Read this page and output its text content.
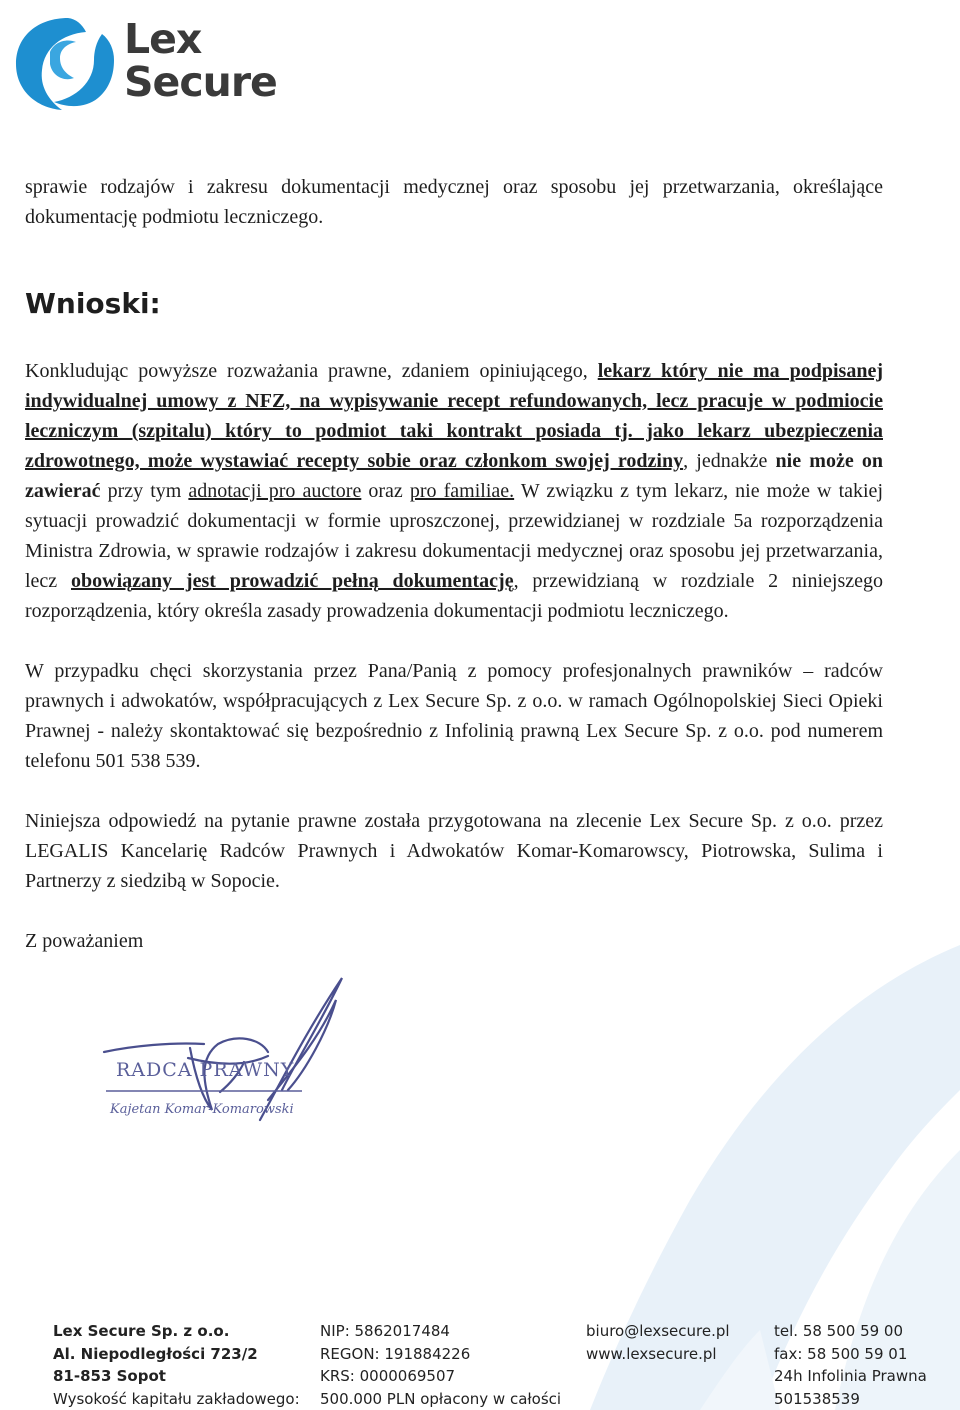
Lex
Secure

sprawie rodzajów i zakresu dokumentacji medycznej oraz sposobu jej przetwarzania, określające dokumentację podmiotu leczniczego.

Wnioski:

Konkludując powyższe rozważania prawne, zdaniem opiniującego, lekarz który nie ma podpisanej indywidualnej umowy z NFZ, na wypisywanie recept refundowanych, lecz pracuje w podmiocie leczniczym (szpitalu) który to podmiot taki kontrakt posiada tj. jako lekarz ubezpieczenia zdrowotnego, może wystawiać recepty sobie oraz członkom swojej rodziny, jednakże nie może on zawierać przy tym adnotacji pro auctore oraz pro familiae. W związku z tym lekarz, nie może w takiej sytuacji prowadzić dokumentacji w formie uproszczonej, przewidzianej w rozdziale 5a rozporządzenia Ministra Zdrowia, w sprawie rodzajów i zakresu dokumentacji medycznej oraz sposobu jej przetwarzania, lecz obowiązany jest prowadzić pełną dokumentację, przewidzianą w rozdziale 2 niniejszego rozporządzenia, który określa zasady prowadzenia dokumentacji podmiotu leczniczego.

W przypadku chęci skorzystania przez Pana/Panią z pomocy profesjonalnych prawników – radców prawnych i adwokatów, współpracujących z Lex Secure Sp. z o.o. w ramach Ogólnopolskiej Sieci Opieki Prawnej - należy skontaktować się bezpośrednio z Infolinią prawną Lex Secure Sp. z o.o. pod numerem telefonu 501 538 539.

Niniejsza odpowiedź na pytanie prawne została przygotowana na zlecenie Lex Secure Sp. z o.o. przez LEGALIS Kancelarię Radców Prawnych i Adwokatów Komar-Komarowscy, Piotrowska, Sulima i Partnerzy z siedzibą w Sopocie.

Z poważaniem

RADCA PRAWNY
Kajetan Komar-Komarowski
Lex Secure Sp. z o.o.
Al. Niepodległości 723/2
81-853 Sopot
Wysokość kapitału zakładowego:
NIP: 5862017484
REGON: 191884226
KRS: 0000069507
500.000 PLN opłacony w całości
biuro@lexsecure.pl
www.lexsecure.pl
tel. 58 500 59 00
fax: 58 500 59 01
24h Infolinia Prawna
501538539
